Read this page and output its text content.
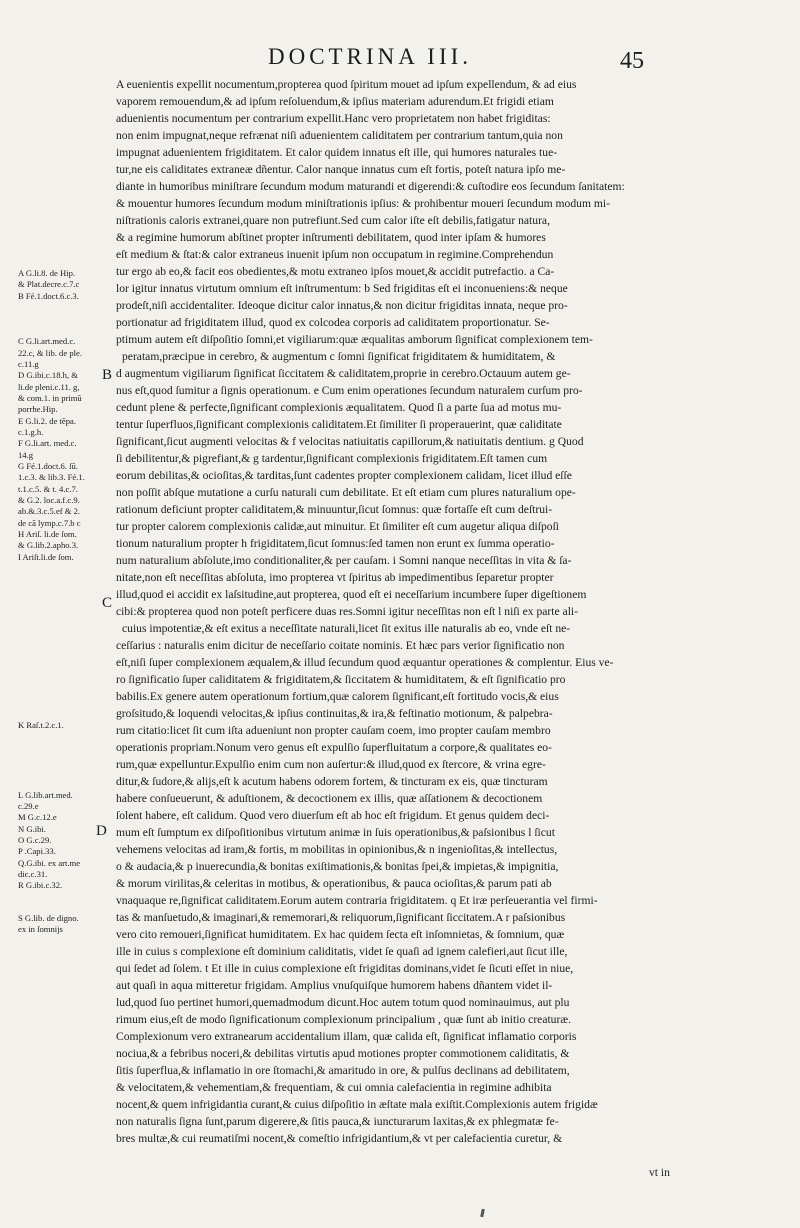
DOCTRINA III.	45
A G.li.8. de Hip.
& Plat.decre.c.7.c
B Fé.1.doct.6.c.3.
C G.li.art.med.c.
22.c, & lib. de ple.
c.11.g
D G.ibi.c.18.h, &
li.de pleni.c.11. g,
& com.1. in primũ
porrhe.Hip.
E G.li.2. de tẽpa.
c.1.g.h.
F G.li.art. med.c.
14.g
G Fé.1.doct.6. ſũ.
1.c.3. & lib.3. Fé.1.
t.1.c.5. & t. 4.c.7.
& G.2. loc.a.f.c.9.
ab.&.3.c.5.ef & 2.
de cã lymp.c.7.b c
H Ariſ. li.de ſom.
& G.lib.2.apho.3.
I Ariſt.li.de ſom.
K Raſ.t.2.c.1.
L G.lib.art.med.
c.29.e
M G.c.12.e
N G.ibi.
O G.c.29.
P .Capi.33.
Q.G.ibi. ex art.me
dic.c.31.
R G.ibi.c.32.
S G.lib. de digno.
ex in ſomnijs
B
C
D
A euenientis expellit nocumentum,propterea quod ſpiritum mouet ad ipſum expellendum, & ad eius
vaporem remouendum,& ad ipſum reſoluendum,& ipſius materiam adurendum.Et frigidi etiam
aduenientis nocumentum per contrarium expellit.Hanc vero proprietatem non habet frigiditas:
non enim impugnat,neque refrænat niſi aduenientem caliditatem per contrarium tantum,quia non
impugnat aduenientem frigiditatem. Et calor quidem innatus eſt ille, qui humores naturales tue-
tur,ne eis caliditates extraneæ dñentur. Calor nanque innatus cum eſt fortis, poteſt natura ipſo me-
diante in humoribus miniſtrare ſecundum modum maturandi et digerendi:& cuſtodire eos ſecundum ſanitatem:
& mouentur humores ſecundum modum miniſtrationis ipſius: & prohibentur moueri ſecundum modum mi-
niſtrationis caloris extranei,quare non putrefiunt.Sed cum calor iſte eſt debilis,fatigatur natura,
& a regimine humorum abſtinet propter inſtrumenti debilitatem, quod inter ipſam & humores
eſt medium & ſtat:& calor extraneus inuenit ipſum non occupatum in regimine.Comprehendun
tur ergo ab eo,& facit eos obedientes,& motu extraneo ipſos mouet,& accidit putrefactio. a Ca-
lor igitur innatus virtutum omnium eſt inſtrumentum: b Sed frigiditas eſt ei inconueniens:& neque
prodeſt,niſi accidentaliter. Ideoque dicitur calor innatus,& non dicitur frigiditas innata, neque pro-
portionatur ad frigiditatem illud, quod ex colcodea corporis ad caliditatem proportionatur. Se-
ptimum autem eſt diſpoſitio ſomni,et vigiliarum:quæ æqualitas amborum ſignificat complexionem tem-
peratam,præcipue in cerebro, & augmentum c ſomni ſignificat frigiditatem & humiditatem, &
d augmentum vigiliarum ſignificat ſiccitatem & caliditatem,proprie in cerebro.Octauum autem ge-
nus eſt,quod ſumitur a ſignis operationum. e Cum enim operationes ſecundum naturalem curſum pro-
cedunt plene & perfecte,ſignificant complexionis æqualitatem. Quod ſi a parte ſua ad motus mu-
tentur ſuperfluos,ſignificant complexionis caliditatem.Et ſimiliter ſi properauerint, quæ caliditate
ſignificant,ſicut augmenti velocitas & f velocitas natiuitatis capillorum,& natiuitatis dentium. g Quod
ſi debilitentur,& pigrefiant,& g tardentur,ſignificant complexionis frigiditatem.Eſt tamen cum
eorum debilitas,& ocioſitas,& tarditas,ſunt cadentes propter complexionem calidam, licet illud eſſe
non poſſit abſque mutatione a curſu naturali cum debilitate. Et eſt etiam cum plures naturalium ope-
rationum deficiunt propter caliditatem,& minuuntur,ſicut ſomnus: quæ fortaſſe eſt cum deſtrui-
tur propter calorem complexionis calidæ,aut minuitur. Et ſimiliter eſt cum augetur aliqua diſpoſi
tionum naturalium propter h frigiditatem,ſicut ſomnus:ſed tamen non erunt ex ſumma operatio-
num naturalium abſolute,imo conditionaliter,& per cauſam. i Somni nanque neceſſitas in vita & ſa-
nitate,non eſt neceſſitas abſoluta, imo propterea vt ſpiritus ab impedimentibus ſeparetur propter
illud,quod ei accidit ex laſsitudine,aut propterea, quod eſt ei neceſſarium incumbere ſuper digeſtionem
cibi:& propterea quod non poteſt perficere duas res.Somni igitur neceſſitas non eſt l niſi ex parte ali-
cuius impotentiæ,& eſt exitus a neceſſitate naturali,licet ſit exitus ille naturalis ab eo, vnde eſt ne-
ceſſarius : naturalis enim dicitur de neceſſario coitate nominis. Et hæc pars verior ſignificatio non
eſt,niſi ſuper complexionem æqualem,& illud ſecundum quod æquantur operationes & complentur. Eius ve-
ro ſignificatio ſuper caliditatem & frigiditatem,& ſiccitatem & humiditatem, & eſt ſignificatio pro
babilis.Ex genere autem operationum fortium,quæ calorem ſignificant,eſt fortitudo vocis,& eius
groſsitudo,& loquendi velocitas,& ipſius continuitas,& ira,& feſtinatio motionum, & palpebra-
rum citatio:licet ſit cum iſta adueniunt non propter cauſam coem, imo propter cauſam membro
operationis propriam.Nonum vero genus eſt expulſio ſuperfluitatum a corpore,& qualitates eo-
rum,quæ expelluntur.Expulſio enim cum non auſertur:& illud,quod ex ſtercore, & vrina egre-
ditur,& ſudore,& alijs,eſt k acutum habens odorem fortem, & tincturam ex eis, quæ tincturam
habere conſueuerunt, & aduſtionem, & decoctionem ex illis, quæ aſſationem & decoctionem
ſolent habere, eſt calidum. Quod vero diuerſum eſt ab hoc eſt frigidum. Et genus quidem deci-
mum eſt ſumptum ex diſpoſitionibus virtutum animæ in ſuis operationibus,& paſsionibus l ſicut
vehemens velocitas ad iram,& fortis, m mobilitas in opinionibus,& n ingenioſitas,& intellectus,
o & audacia,& p inuerecundia,& bonitas exiſtimationis,& bonitas ſpei,& impietas,& impignitia,
& morum virilitas,& celeritas in motibus, & operationibus, & pauca ocioſitas,& parum pati ab
vnaquaque re,ſignificat caliditatem.Eorum autem contraria frigiditatem. q Et iræ perſeuerantia vel firmi-
tas & manſuetudo,& imaginari,& rememorari,& reliquorum,ſignificant ſiccitatem.A r paſsionibus
vero cito remoueri,ſignificat humiditatem. Ex hac quidem ſecta eſt inſomnietas, & ſomnium, quæ
ille in cuius s complexione eſt dominium caliditatis, videt ſe quaſi ad ignem calefieri,aut ſicut ille,
qui ſedet ad ſolem. t Et ille in cuius complexione eſt frigiditas dominans,videt ſe ſicuti eſſet in niue,
aut quaſi in aqua mitteretur frigidam. Amplius vnuſquiſque humorem habens dñantem videt il-
lud,quod ſuo pertinet humori,quemadmodum dicunt.Hoc autem totum quod nominauimus, aut plu
rimum eius,eſt de modo ſignificationum complexionum principalium , quæ ſunt ab initio creaturæ.
Complexionum vero extranearum accidentalium illam, quæ calida eſt, ſignificat inflamatio corporis
nociua,& a febribus noceri,& debilitas virtutis apud motiones propter commotionem caliditatis, &
ſitis ſuperflua,& inflamatio in ore ſtomachi,& amaritudo in ore, & pulſus declinans ad debilitatem,
& velocitatem,& vehementiam,& frequentiam, & cui omnia calefacientia in regimine adhibita
nocent,& quem infrigidantia curant,& cuius diſpoſitio in æſtate mala exiſtit.Complexionis autem frigidæ
non naturalis ſigna ſunt,parum digerere,& ſitis pauca,& iuncturarum laxitas,& ex phlegmatæ fe-
bres multæ,& cui reumatiſmi nocent,& comeſtio infrigidantium,& vt per calefacientia curetur, &
vt in
